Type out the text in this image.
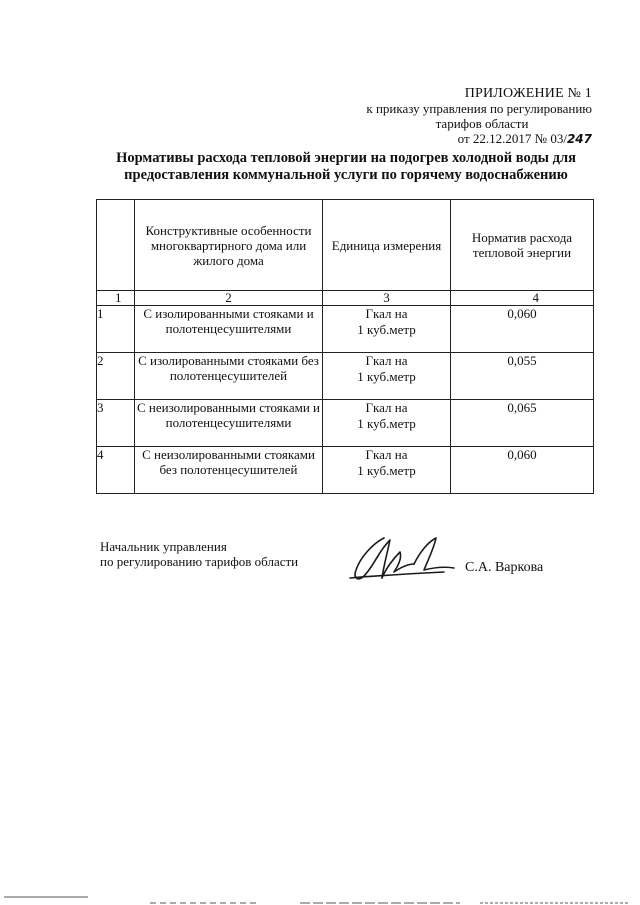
ПРИЛОЖЕНИЕ № 1
к приказу управления по регулированию
тарифов области
от 22.12.2017 № 03/247
Нормативы расхода тепловой энергии на подогрев холодной воды для
предоставления коммунальной услуги по горячему водоснабжению
	Конструктивные особенности многоквартирного дома или жилого дома	Единица измерения	Норматив расхода тепловой энергии
1	2	3	4
1	С изолированными стояками и полотенцесушителями	Гкал на
1 куб.метр	0,060
2	С изолированными стояками без полотенцесушителей	Гкал на
1 куб.метр	0,055
3	С неизолированными стояками и полотенцесушителями	Гкал на
1 куб.метр	0,065
4	С неизолированными стояками без полотенцесушителей	Гкал на
1 куб.метр	0,060
Начальник управления
по регулированию тарифов области	С.А. Варкова
